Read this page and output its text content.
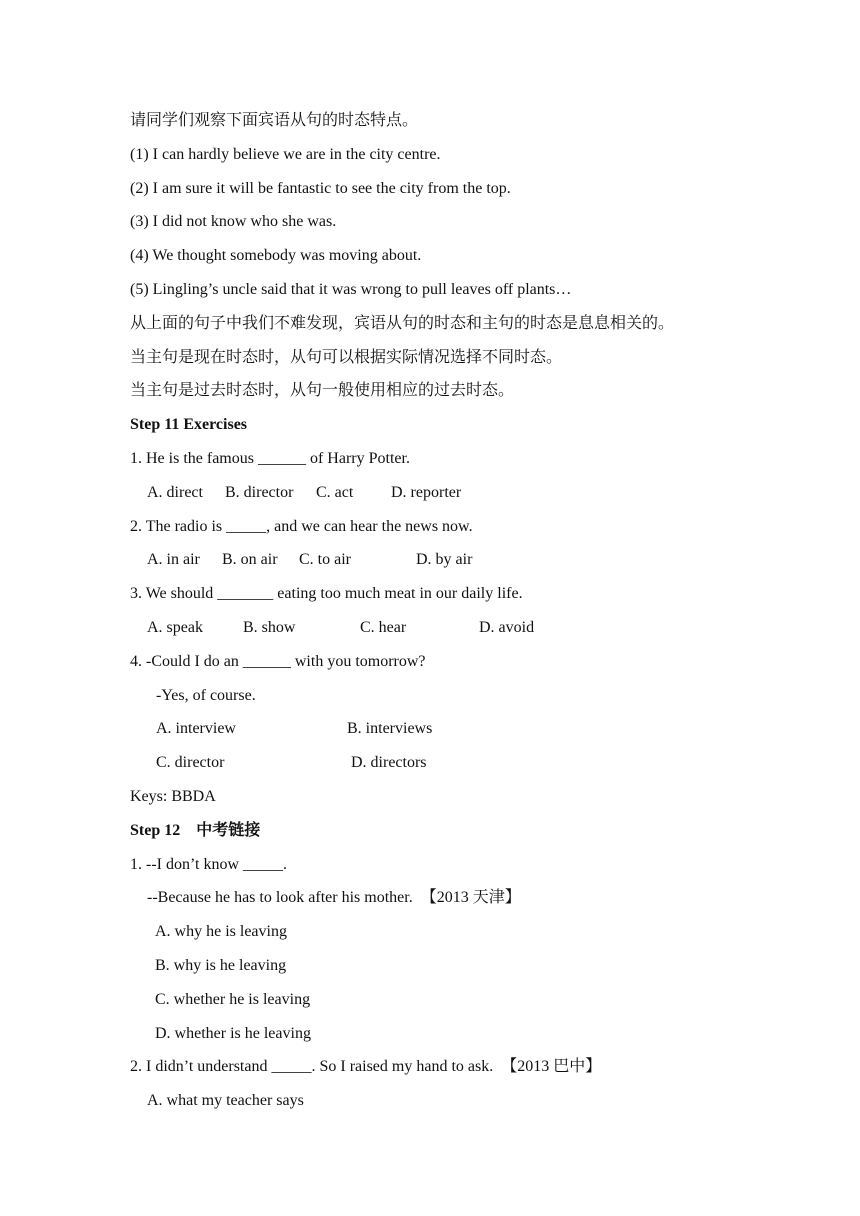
请同学们观察下面宾语从句的时态特点。
(1) I can hardly believe we are in the city centre.
(2) I am sure it will be fantastic to see the city from the top.
(3) I did not know who she was.
(4) We thought somebody was moving about.
(5) Lingling’s uncle said that it was wrong to pull leaves off plants…
从上面的句子中我们不难发现，宾语从句的时态和主句的时态是息息相关的。
当主句是现在时态时，从句可以根据实际情况选择不同时态。
当主句是过去时态时，从句一般使用相应的过去时态。
Step 11 Exercises
1. He is the famous ______ of Harry Potter.
A. direct B. director C. act D. reporter
2. The radio is _____, and we can hear the news now.
A. in air B. on air C. to air	D. by air
3. We should _______ eating too much meat in our daily life.
A. speak	B. show	C. hear	D. avoid
4. -Could I do an ______ with you tomorrow?
-Yes, of course.
A. interview	B. interviews
C. director	D. directors
Keys: BBDA
Step 12 中考链接
1. --I don’t know _____.
--Because he has to look after his mother. 【2013 天津】
A. why he is leaving
B. why is he leaving
C. whether he is leaving
D. whether is he leaving
2. I didn’t understand _____. So I raised my hand to ask. 【2013 巴中】
A. what my teacher says
